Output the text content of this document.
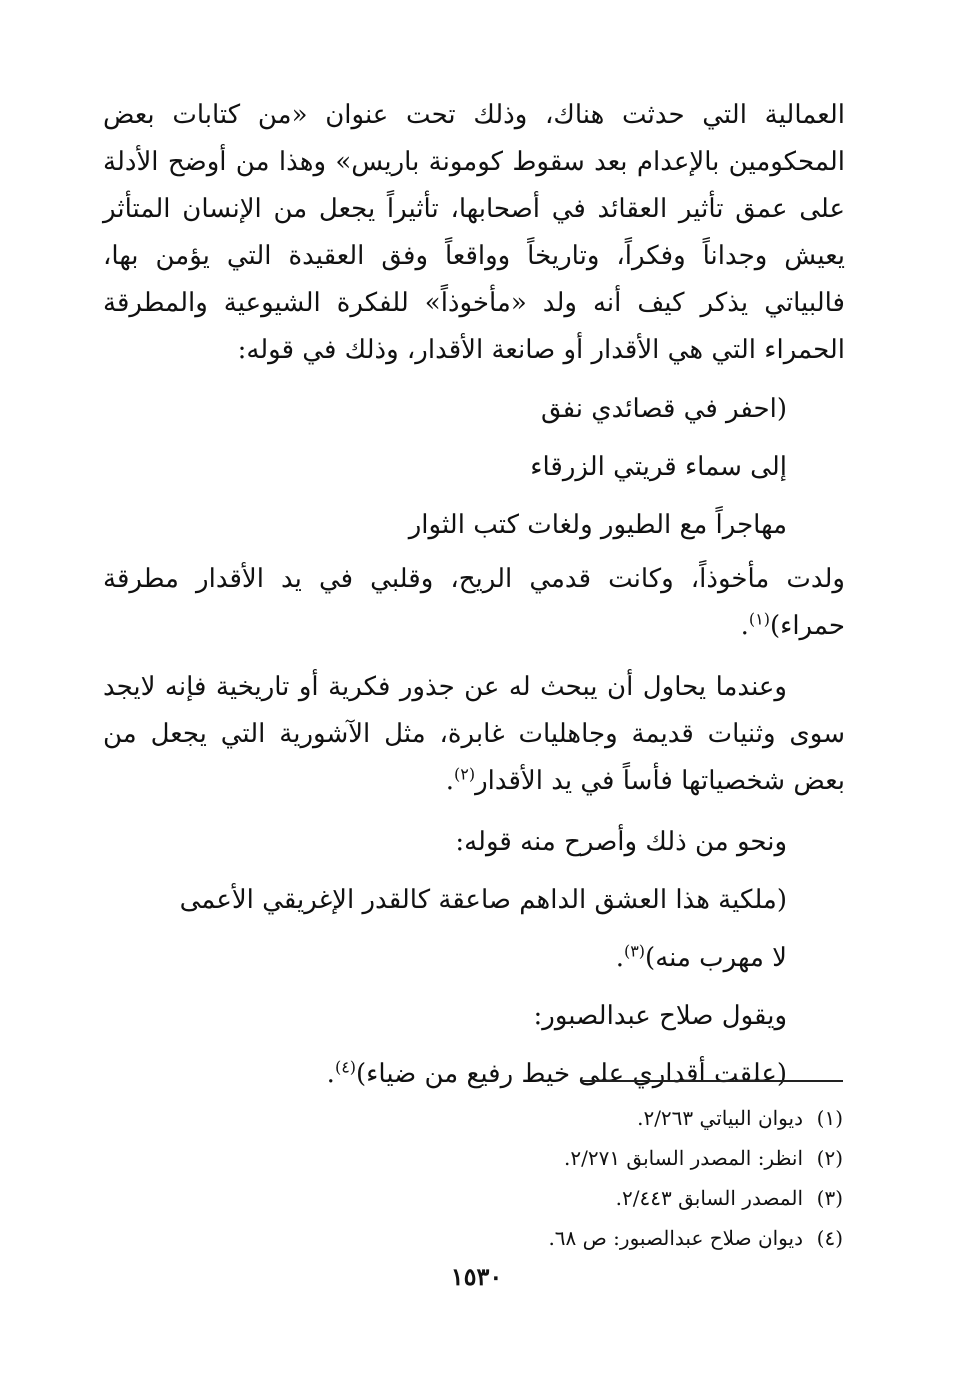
العمالية التي حدثت هناك، وذلك تحت عنوان «من كتابات بعض المحكومين بالإعدام بعد سقوط كومونة باريس» وهذا من أوضح الأدلة على عمق تأثير العقائد في أصحابها، تأثيراً يجعل من الإنسان المتأثر يعيش وجداناً وفكراً، وتاريخاً وواقعاً وفق العقيدة التي يؤمن بها، فالبياتي يذكر كيف أنه ولد «مأخوذاً» للفكرة الشيوعية والمطرقة الحمراء التي هي الأقدار أو صانعة الأقدار، وذلك في قوله:

(احفر في قصائدي نفق
إلى سماء قريتي الزرقاء
مهاجراً مع الطيور ولغات كتب الثوار

ولدت مأخوذاً، وكانت قدمي الريح، وقلبي في يد الأقدار مطرقة حمراء)$^{(١)}$.

وعندما يحاول أن يبحث له عن جذور فكرية أو تاريخية فإنه لايجد سوى وثنيات قديمة وجاهليات غابرة، مثل الآشورية التي يجعل من بعض شخصياتها فأساً في يد الأقدار$^{(٢)}$.

ونحو من ذلك وأصرح منه قوله:
(ملكية هذا العشق الداهم صاعقة كالقدر الإغريقي الأعمى
لا مهرب منه)$^{(٣)}$.
ويقول صلاح عبدالصبور:
(علقت أقداري على خيط رفيع من ضياء)$^{(٤)}$.
(١)ديوان البياتي ٢/٢٦٣.
(٢)انظر: المصدر السابق ٢/٢٧١.
(٣)المصدر السابق ٢/٤٤٣.
(٤)ديوان صلاح عبدالصبور: ص ٦٨.
١٥٣٠
